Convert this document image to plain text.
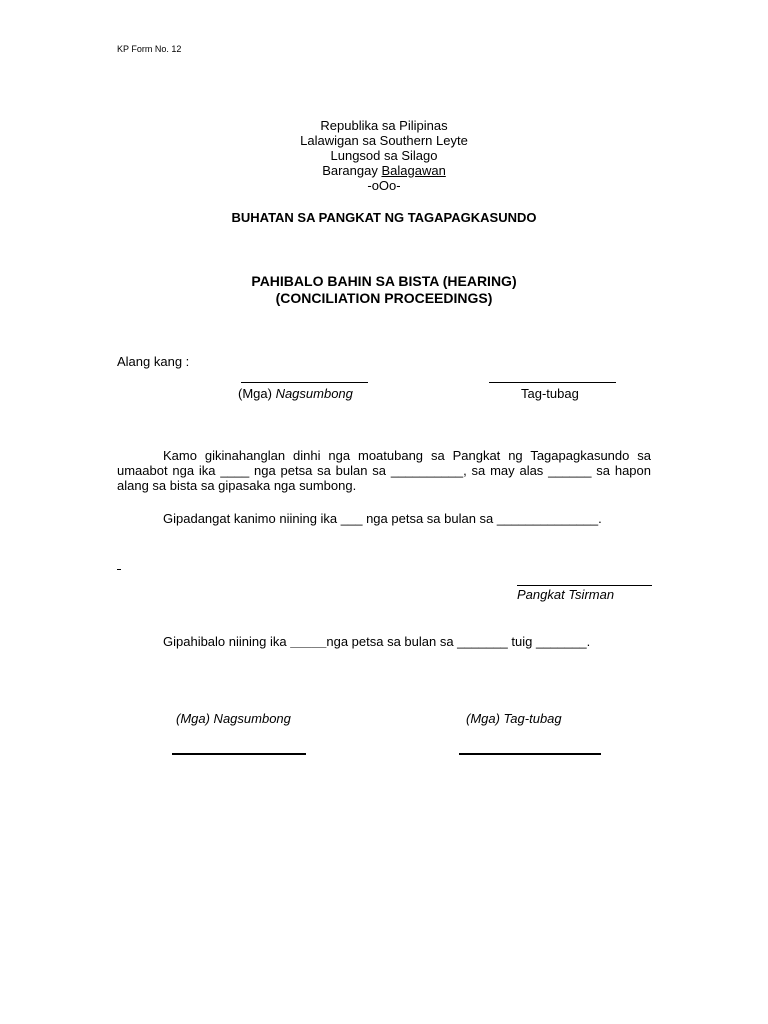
KP Form No. 12
Republika sa Pilipinas
Lalawigan sa Southern Leyte
Lungsod sa Silago
Barangay Balagawan
-oOo-
BUHATAN SA PANGKAT NG TAGAPAGKASUNDO
PAHIBALO BAHIN SA BISTA (HEARING)
(CONCILIATION PROCEEDINGS)
Alang kang :
(Mga) Nagsumbong	Tag-tubag
Kamo gikinahanglan dinhi nga moatubang sa Pangkat ng Tagapagkasundo sa umaabot nga ika ____ nga petsa sa bulan sa __________, sa may alas ______ sa hapon alang sa bista sa gipasaka nga sumbong.
Gipadangat kanimo niining ika ___ nga petsa sa bulan sa ______________.
Pangkat Tsirman
Gipahibalo niining ika _____nga petsa sa bulan sa _______ tuig _______.
(Mga) Nagsumbong	(Mga) Tag-tubag
